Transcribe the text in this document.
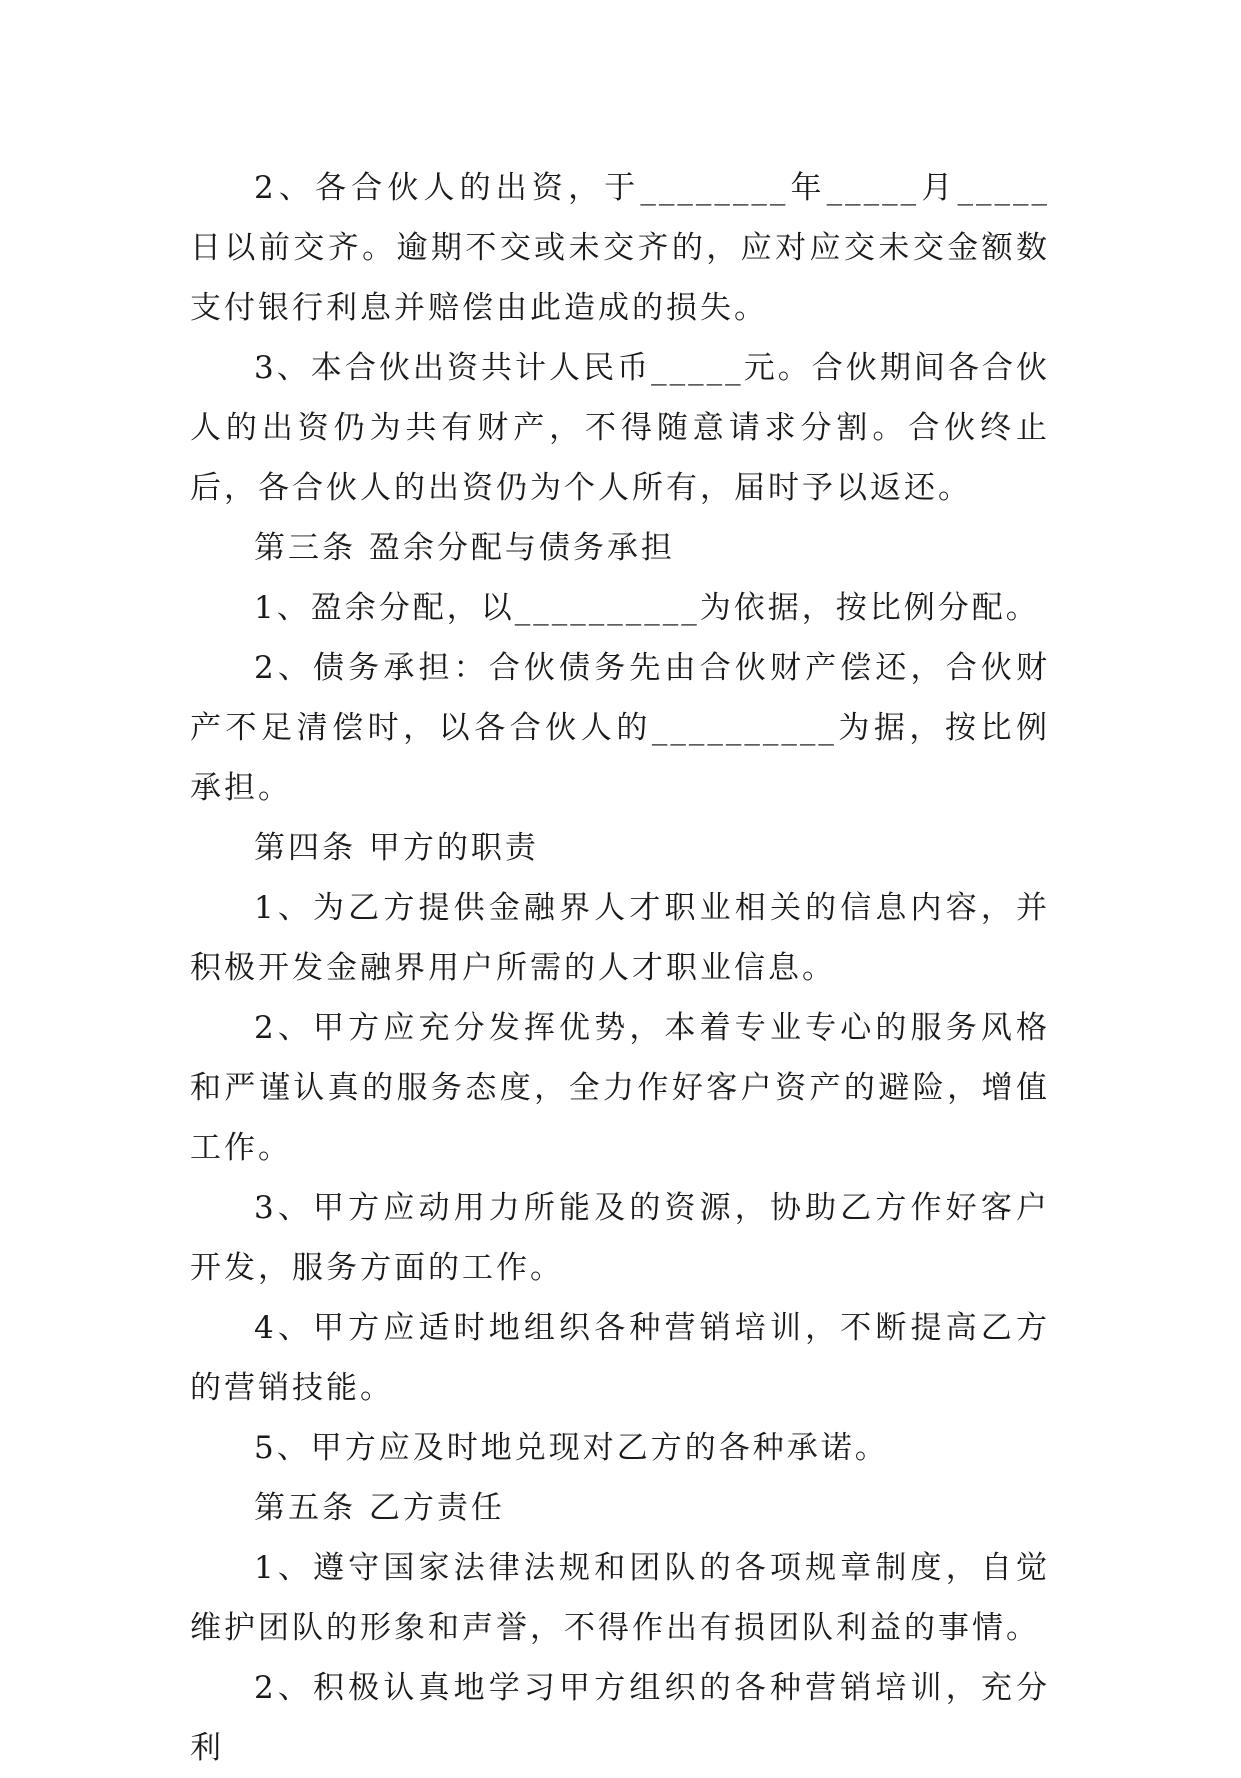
2、各合伙人的出资，于________年_____月_____日以前交齐。逾期不交或未交齐的，应对应交未交金额数支付银行利息并赔偿由此造成的损失。

3、本合伙出资共计人民币_____元。合伙期间各合伙人的出资仍为共有财产，不得随意请求分割。合伙终止后，各合伙人的出资仍为个人所有，届时予以返还。

第三条 盈余分配与债务承担

1、盈余分配，以__________为依据，按比例分配。

2、债务承担：合伙债务先由合伙财产偿还，合伙财产不足清偿时，以各合伙人的__________为据，按比例承担。

第四条 甲方的职责

1、为乙方提供金融界人才职业相关的信息内容，并积极开发金融界用户所需的人才职业信息。

2、甲方应充分发挥优势，本着专业专心的服务风格和严谨认真的服务态度，全力作好客户资产的避险，增值工作。

3、甲方应动用力所能及的资源，协助乙方作好客户开发，服务方面的工作。

4、甲方应适时地组织各种营销培训，不断提高乙方的营销技能。

5、甲方应及时地兑现对乙方的各种承诺。

第五条 乙方责任

1、遵守国家法律法规和团队的各项规章制度，自觉维护团队的形象和声誉，不得作出有损团队利益的事情。

2、积极认真地学习甲方组织的各种营销培训，充分利
